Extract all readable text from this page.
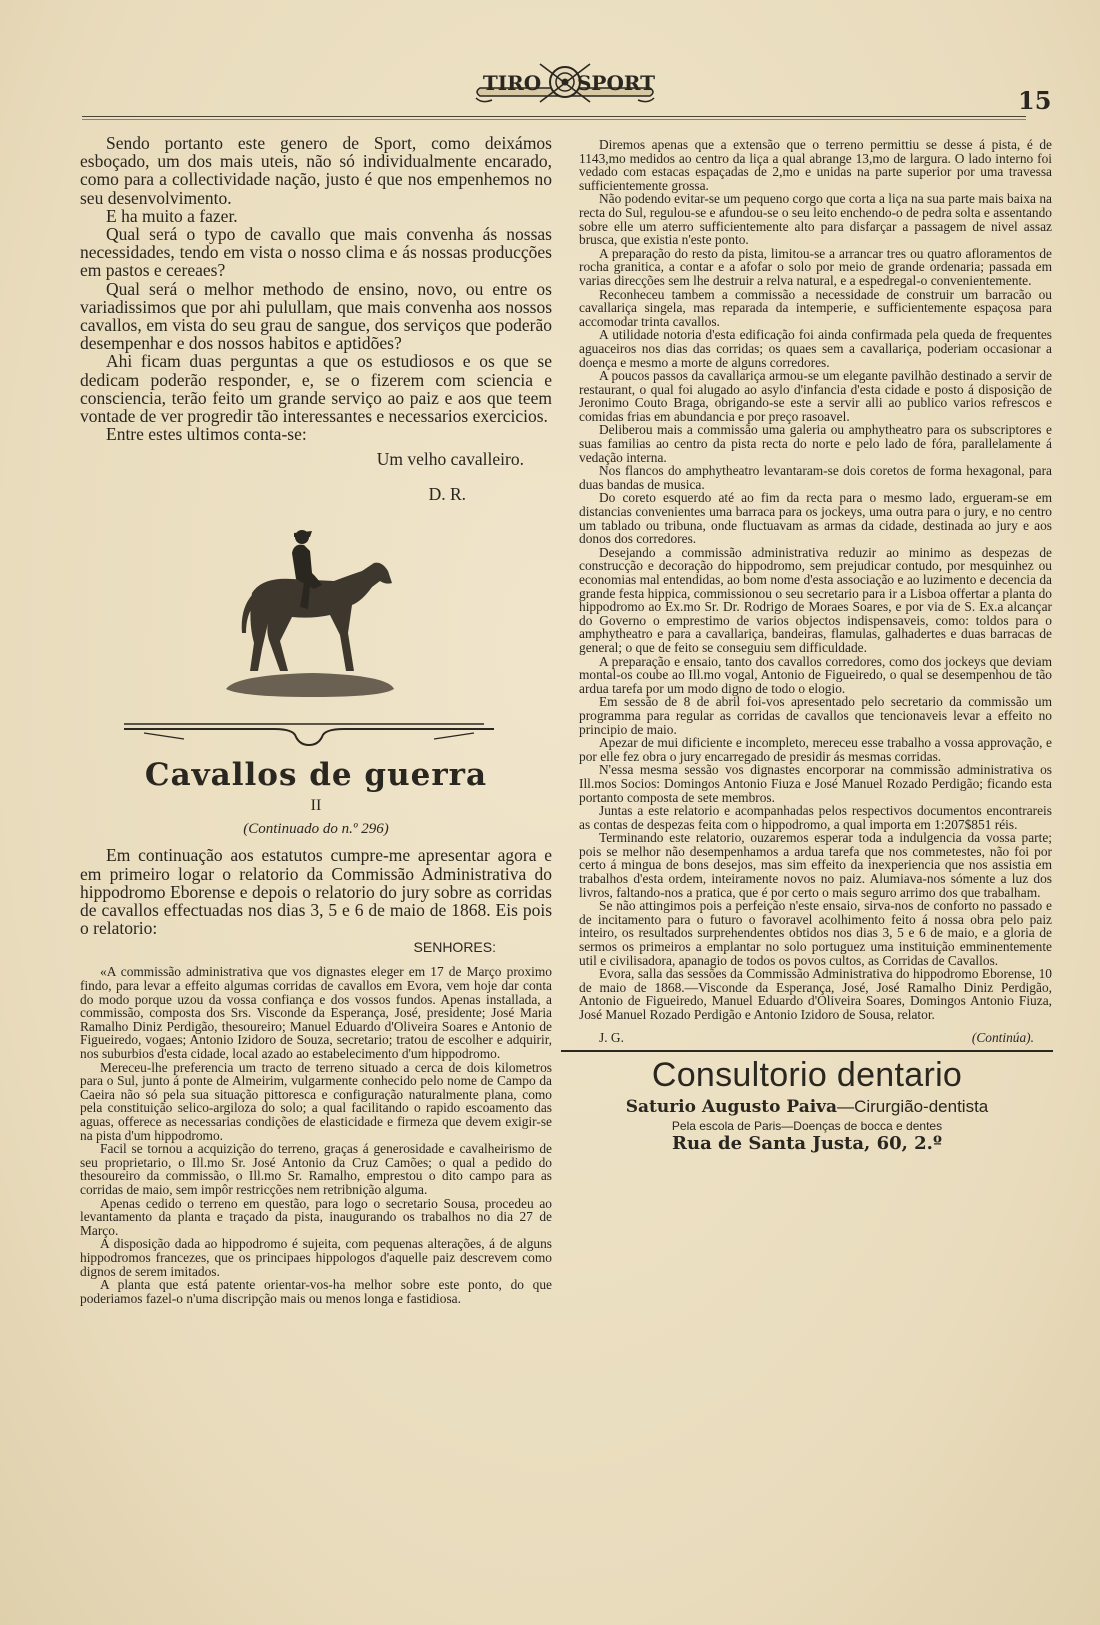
TIRO SPORT
15

Sendo portanto este genero de Sport, como deixámos esboçado, um dos mais uteis, não só individualmente encarado, como para a collectividade nação, justo é que nos empenhemos no seu desenvolvimento.

E ha muito a fazer.

Qual será o typo de cavallo que mais convenha ás nossas necessidades, tendo em vista o nosso clima e ás nossas producções em pastos e cereaes?

Qual será o melhor methodo de ensino, novo, ou entre os variadissimos que por ahi pulullam, que mais convenha aos nossos cavallos, em vista do seu grau de sangue, dos serviços que poderão desempenhar e dos nossos habitos e aptidões?

Ahi ficam duas perguntas a que os estudiosos e os que se dedicam poderão responder, e, se o fizerem com sciencia e consciencia, terão feito um grande serviço ao paiz e aos que teem vontade de ver progredir tão interessantes e necessarios exercicios.

Entre estes ultimos conta-se:

Um velho cavalleiro.
D. R.
Cavallos de guerra
II
(Continuado do n.º 296)

Em continuação aos estatutos cumpre-me apresentar agora e em primeiro logar o relatorio da Commissão Administrativa do hippodromo Eborense e depois o relatorio do jury sobre as corridas de cavallos effectuadas nos dias 3, 5 e 6 de maio de 1868. Eis pois o relatorio:

SENHORES:

«A commissão administrativa que vos dignastes eleger em 17 de Março proximo findo, para levar a effeito algumas corridas de cavallos em Evora, vem hoje dar conta do modo porque uzou da vossa confiança e dos vossos fundos. Apenas installada, a commissão, composta dos Srs. Visconde da Esperança, José, presidente; José Maria Ramalho Diniz Perdigão, thesoureiro; Manuel Eduardo d'Oliveira Soares e Antonio de Figueiredo, vogaes; Antonio Izidoro de Souza, secretario; tratou de escolher e adquirir, nos suburbios d'esta cidade, local azado ao estabelecimento d'um hippodromo.

Mereceu-lhe preferencia um tracto de terreno situado a cerca de dois kilometros para o Sul, junto á ponte de Almeirim, vulgarmente conhecido pelo nome de Campo da Caeira não só pela sua situação pittoresca e configuração naturalmente plana, como pela constituição selico-argiloza do solo; a qual facilitando o rapido escoamento das aguas, offerece as necessarias condições de elasticidade e firmeza que devem exigir-se na pista d'um hippodromo.

Facil se tornou a acquizição do terreno, graças á generosidade e cavalheirismo de seu proprietario, o Ill.mo Sr. José Antonio da Cruz Camões; o qual a pedido do thesoureiro da commissão, o Ill.mo Sr. Ramalho, emprestou o dito campo para as corridas de maio, sem impôr restricções nem retribnição alguma.

Apenas cedido o terreno em questão, para logo o secretario Sousa, procedeu ao levantamento da planta e traçado da pista, inaugurando os trabalhos no dia 27 de Março.

A disposição dada ao hippodromo é sujeita, com pequenas alterações, á de alguns hippodromos francezes, que os principaes hippologos d'aquelle paiz descrevem como dignos de serem imitados.

A planta que está patente orientar-vos-ha melhor sobre este ponto, do que poderiamos fazel-o n'uma discripção mais ou menos longa e fastidiosa.

Diremos apenas que a extensão que o terreno permittiu se desse á pista, é de 1143,mo medidos ao centro da liça a qual abrange 13,mo de largura. O lado interno foi vedado com estacas espaçadas de 2,mo e unidas na parte superior por uma travessa sufficientemente grossa.

Não podendo evitar-se um pequeno corgo que corta a liça na sua parte mais baixa na recta do Sul, regulou-se e afundou-se o seu leito enchendo-o de pedra solta e assentando sobre elle um aterro sufficientemente alto para disfarçar a passagem de nivel assaz brusca, que existia n'este ponto.

A preparação do resto da pista, limitou-se a arrancar tres ou quatro afloramentos de rocha granitica, a contar e a afofar o solo por meio de grande ordenaria; passada em varias direcções sem lhe destruir a relva natural, e a espedregal-o convenientemente.

Reconheceu tambem a commissão a necessidade de construir um barracão ou cavallariça singela, mas reparada da intemperie, e sufficientemente espaçosa para accomodar trinta cavallos.

A utilidade notoria d'esta edificação foi ainda confirmada pela queda de frequentes aguaceiros nos dias das corridas; os quaes sem a cavallariça, poderiam occasionar a doença e mesmo a morte de alguns corredores.

A poucos passos da cavallariça armou-se um elegante pavilhão destinado a servir de restaurant, o qual foi alugado ao asylo d'infancia d'esta cidade e posto á disposição de Jeronimo Couto Braga, obrigando-se este a servir alli ao publico varios refrescos e comidas frias em abundancia e por preço rasoavel.

Deliberou mais a commissão uma galeria ou amphytheatro para os subscriptores e suas familias ao centro da pista recta do norte e pelo lado de fóra, parallelamente á vedação interna.

Nos flancos do amphytheatro levantaram-se dois coretos de forma hexagonal, para duas bandas de musica.

Do coreto esquerdo até ao fim da recta para o mesmo lado, ergueram-se em distancias convenientes uma barraca para os jockeys, uma outra para o jury, e no centro um tablado ou tribuna, onde fluctuavam as armas da cidade, destinada ao jury e aos donos dos corredores.

Desejando a commissão administrativa reduzir ao minimo as despezas de construcção e decoração do hippodromo, sem prejudicar contudo, por mesquinhez ou economias mal entendidas, ao bom nome d'esta associação e ao luzimento e decencia da grande festa hippica, commissionou o seu secretario para ir a Lisboa offertar a planta do hippodromo ao Ex.mo Sr. Dr. Rodrigo de Moraes Soares, e por via de S. Ex.a alcançar do Governo o emprestimo de varios objectos indispensaveis, como: toldos para o amphytheatro e para a cavallariça, bandeiras, flamulas, galhadertes e duas barracas de general; o que de feito se conseguiu sem difficuldade.

A preparação e ensaio, tanto dos cavallos corredores, como dos jockeys que deviam montal-os coube ao Ill.mo vogal, Antonio de Figueiredo, o qual se desempenhou de tão ardua tarefa por um modo digno de todo o elogio.

Em sessão de 8 de abril foi-vos apresentado pelo secretario da commissão um programma para regular as corridas de cavallos que tencionaveis levar a effeito no principio de maio.

Apezar de mui dificiente e incompleto, mereceu esse trabalho a vossa approvação, e por elle fez obra o jury encarregado de presidir ás mesmas corridas.

N'essa mesma sessão vos dignastes encorporar na commissão administrativa os Ill.mos Socios: Domingos Antonio Fiuza e José Manuel Rozado Perdigão; ficando esta portanto composta de sete membros.

Juntas a este relatorio e acompanhadas pelos respectivos documentos encontrareis as contas de despezas feita com o hippodromo, a qual importa em 1:207$851 réis.

Terminando este relatorio, ouzaremos esperar toda a indulgencia da vossa parte; pois se melhor não desempenhamos a ardua tarefa que nos commetestes, não foi por certo á mingua de bons desejos, mas sim effeito da inexperiencia que nos assistia em trabalhos d'esta ordem, inteiramente novos no paiz. Alumiava-nos sómente a luz dos livros, faltando-nos a pratica, que é por certo o mais seguro arrimo dos que trabalham.

Se não attingimos pois a perfeição n'este ensaio, sirva-nos de conforto no passado e de incitamento para o futuro o favoravel acolhimento feito á nossa obra pelo paiz inteiro, os resultados surprehendentes obtidos nos dias 3, 5 e 6 de maio, e a gloria de sermos os primeiros a emplantar no solo portuguez uma instituição emminentemente util e civilisadora, apanagio de todos os povos cultos, as Corridas de Cavallos.

Evora, salla das sessões da Commissão Administrativa do hippodromo Eborense, 10 de maio de 1868.—Visconde da Esperança, José, José Ramalho Diniz Perdigão, Antonio de Figueiredo, Manuel Eduardo d'Oliveira Soares, Domingos Antonio Fiuza, José Manuel Rozado Perdigão e Antonio Izidoro de Sousa, relator.

J. G.	(Continúa).
Consultorio dentario
Saturio Augusto Paiva—Cirurgião-dentista
Pela escola de Paris—Doenças de bocca e dentes
Rua de Santa Justa, 60, 2.º
